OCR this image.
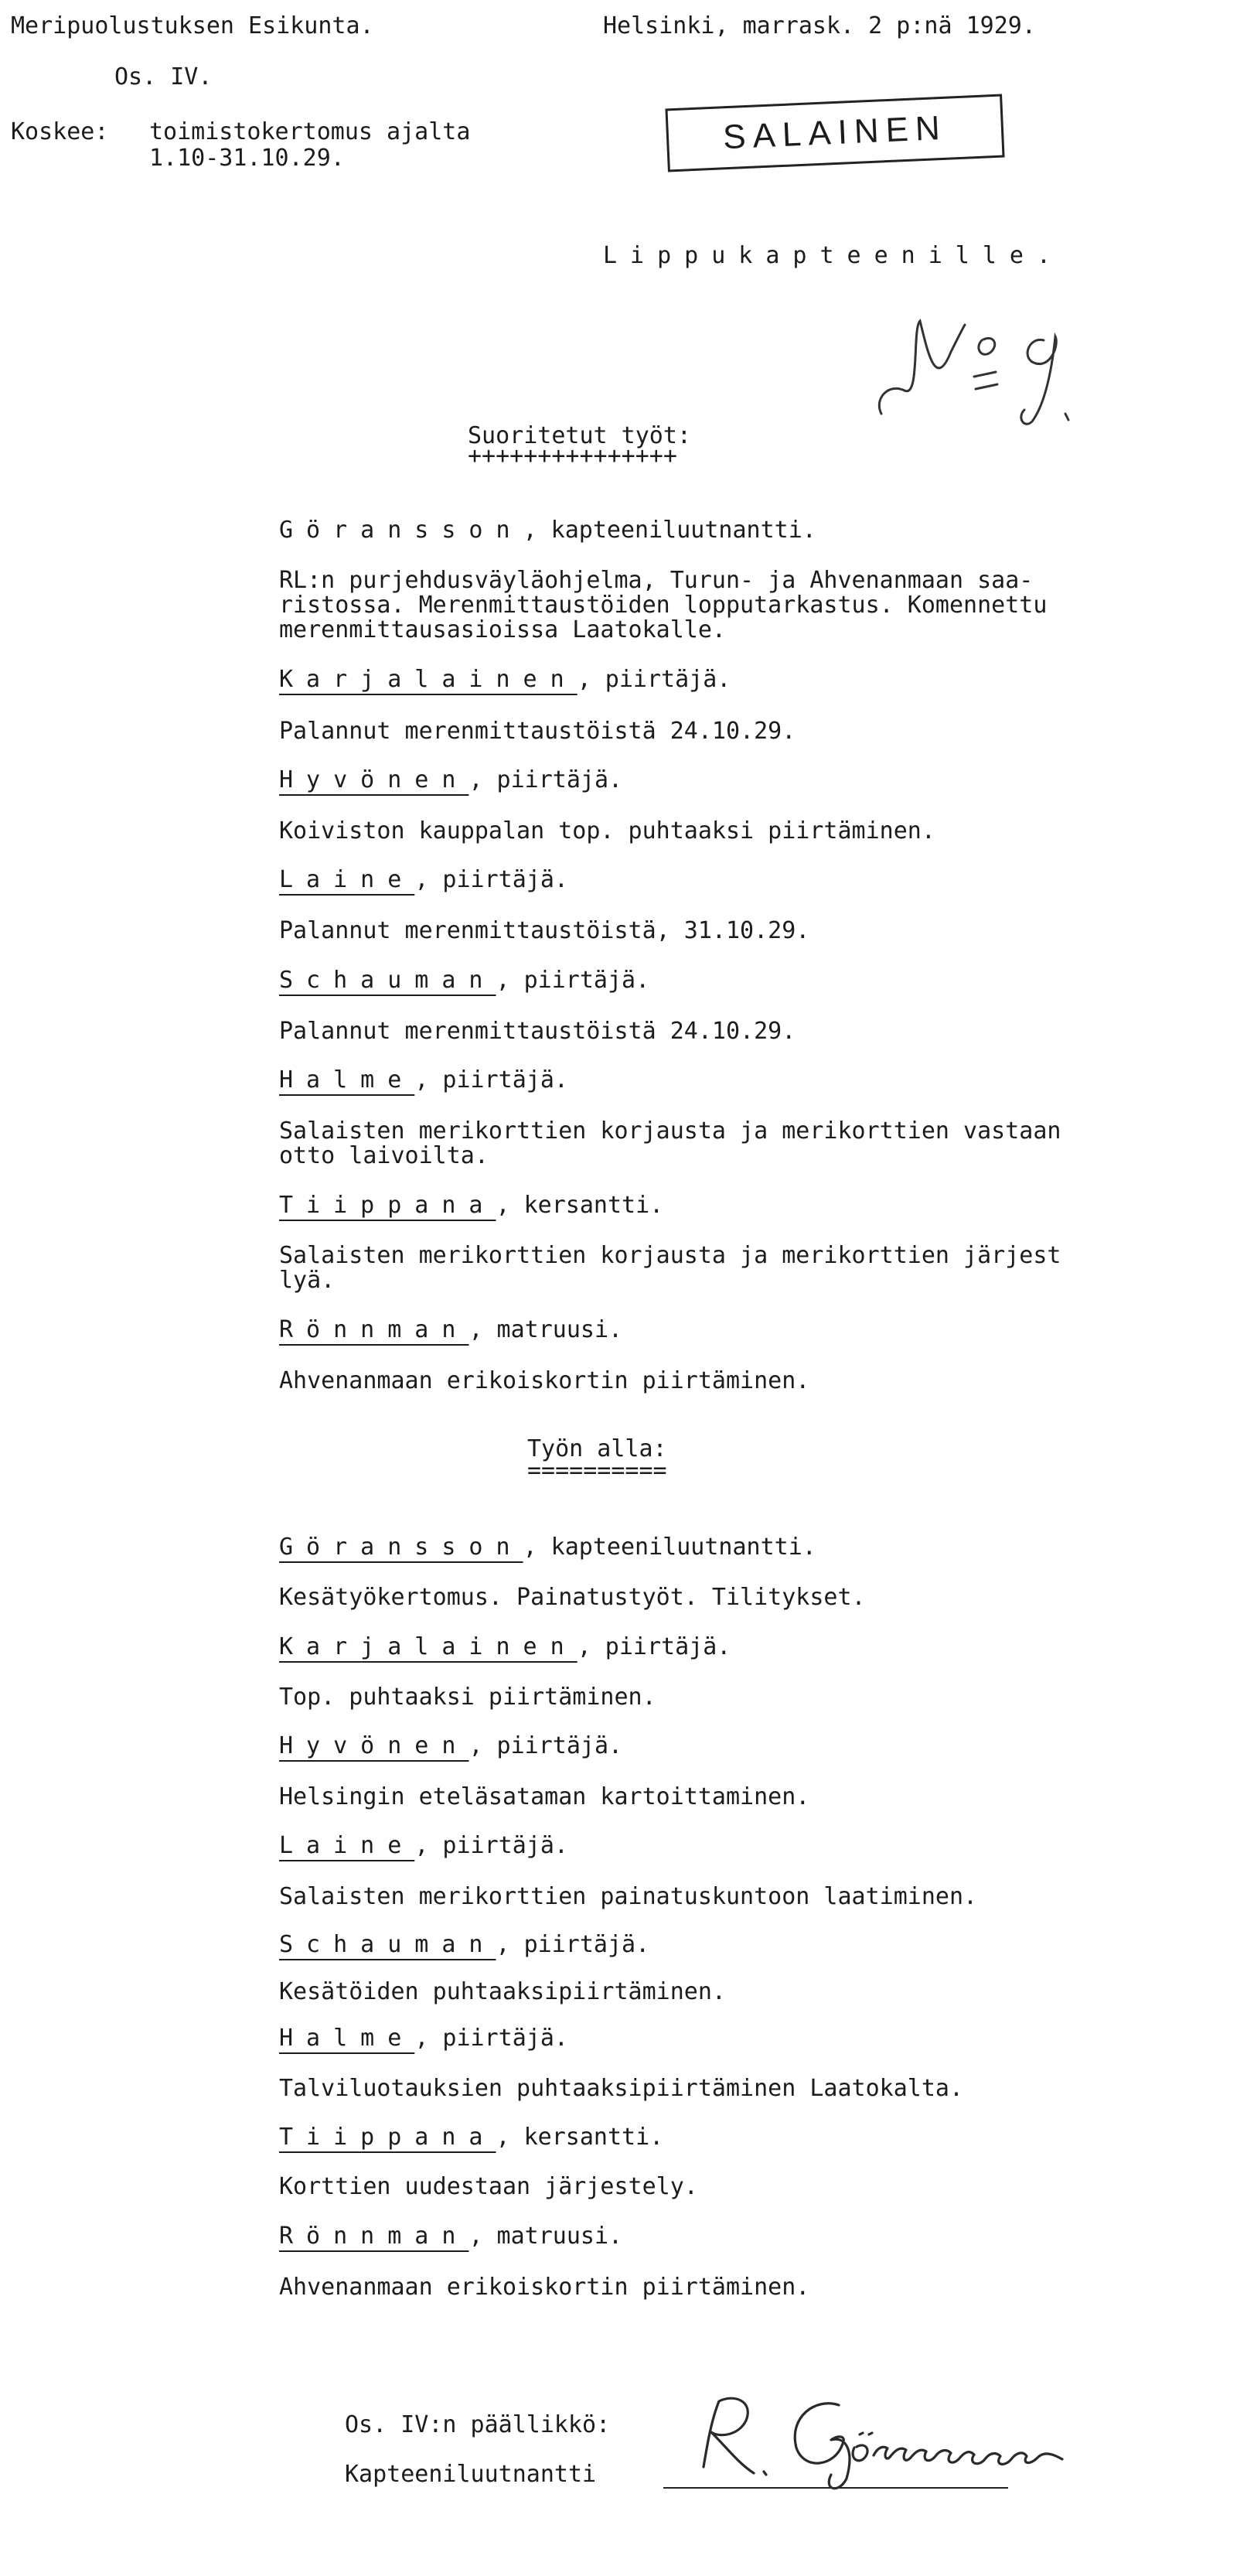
Meripuolustuksen Esikunta.
Os. IV.
Koskee: toimistokertomus ajalta
1.10-31.10.29.
Helsinki, marrask. 2 p:nä 1929.
SALAINEN
Lippukapteenille.
Suoritetut työt:
+++++++++++++++
Göransson, kapteeniluutnantti.
RL:n purjehdusväyläohjelma, Turun- ja Ahvenanmaan saa-
ristossa. Merenmittaustöiden lopputarkastus. Komennettu
merenmittausasioissa Laatokalle.
Karjalainen, piirtäjä.
Palannut merenmittaustöistä 24.10.29.
Hyvönen, piirtäjä.
Koiviston kauppalan top. puhtaaksi piirtäminen.
Laine, piirtäjä.
Palannut merenmittaustöistä, 31.10.29.
Schauman, piirtäjä.
Palannut merenmittaustöistä 24.10.29.
Halme, piirtäjä.
Salaisten merikorttien korjausta ja merikorttien vastaan
otto laivoilta.
Tiippana, kersantti.
Salaisten merikorttien korjausta ja merikorttien järjest
lyä.
Rönnman, matruusi.
Ahvenanmaan erikoiskortin piirtäminen.
Työn alla:
==========
Göransson, kapteeniluutnantti.
Kesätyökertomus. Painatustyöt. Tilitykset.
Karjalainen, piirtäjä.
Top. puhtaaksi piirtäminen.
Hyvönen, piirtäjä.
Helsingin eteläsataman kartoittaminen.
Laine, piirtäjä.
Salaisten merikorttien painatuskuntoon laatiminen.
Schauman, piirtäjä.
Kesätöiden puhtaaksipiirtäminen.
Halme, piirtäjä.
Talviluotauksien puhtaaksipiirtäminen Laatokalta.
Tiippana, kersantti.
Korttien uudestaan järjestely.
Rönnman, matruusi.
Ahvenanmaan erikoiskortin piirtäminen.
Os. IV:n päällikkö:
Kapteeniluutnantti
